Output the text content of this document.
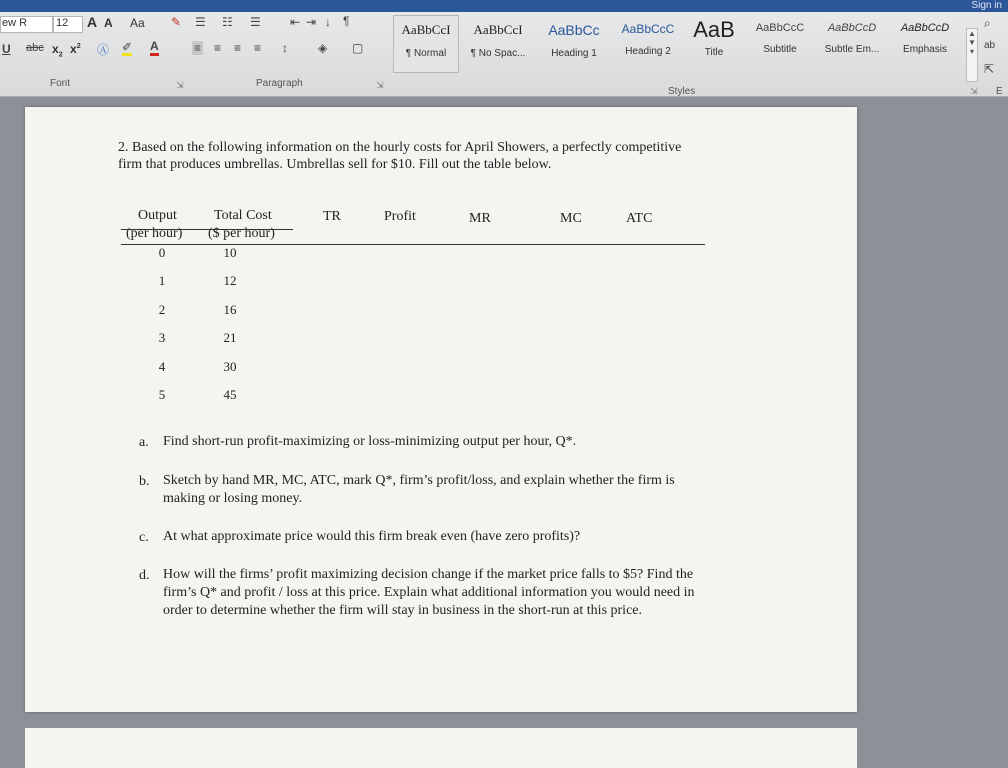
Sign in
ew R	12	A A Aa ✎
U abc $x_2$ $x^2$ Ⓐ ✐ A
Font	⇲
☰ ☷ ☰ ⇤ ⇥ ↓ ¶
≡ ≡ ≡ ≡ ↕	◈ ▢
Paragraph	⇲
AaBbCcI
¶ Normal
AaBbCcI
¶ No Spac...
AaBbCc
Heading 1
AaBbCcC
Heading 2
AaB
Title
AaBbCcC
Subtitle
AaBbCcD
Subtle Em...
AaBbCcD
Emphasis
▲
▼
▾
Styles	⇲
⌕
ab
⇱
E
2. Based on the following information on the hourly costs for April Showers, a perfectly competitive
firm that produces umbrellas. Umbrellas sell for $10. Fill out the table below.
Output
(per hour)
Total Cost
($ per hour)
TR	Profit	MR	MC	ATC
0	10
1	12
2	16
3	21
4	30
5	45
a. Find short-run profit-maximizing or loss-minimizing output per hour, Q*.
b. Sketch by hand MR, MC, ATC, mark Q*, firm’s profit/loss, and explain whether the firm is
making or losing money.
c. At what approximate price would this firm break even (have zero profits)?
d. How will the firms’ profit maximizing decision change if the market price falls to $5? Find the
firm’s Q* and profit / loss at this price. Explain what additional information you would need in
order to determine whether the firm will stay in business in the short-run at this price.
